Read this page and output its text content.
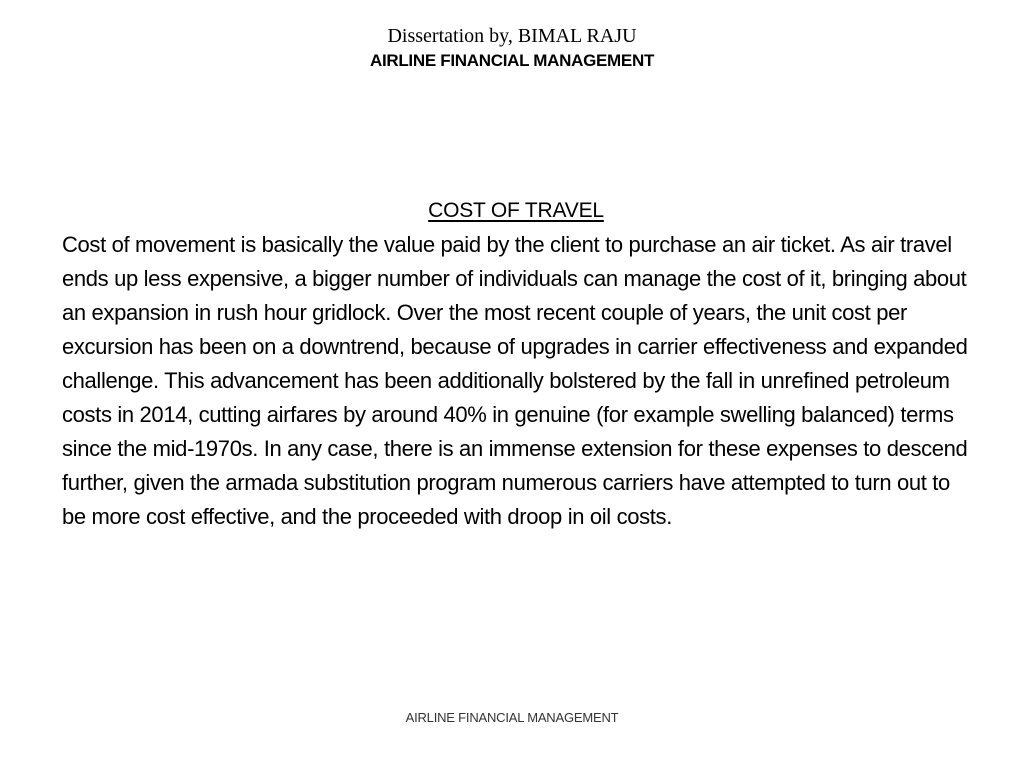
Dissertation by, BIMAL RAJU
AIRLINE FINANCIAL MANAGEMENT
COST OF TRAVEL

Cost of movement is basically the value paid by the client to purchase an air ticket. As air travel ends up less expensive, a bigger number of individuals can manage the cost of it, bringing about an expansion in rush hour gridlock. Over the most recent couple of years, the unit cost per excursion has been on a downtrend, because of upgrades in carrier effectiveness and expanded challenge. This advancement has been additionally bolstered by the fall in unrefined petroleum costs in 2014, cutting airfares by around 40% in genuine (for example swelling balanced) terms since the mid-1970s. In any case, there is an immense extension for these expenses to descend further, given the armada substitution program numerous carriers have attempted to turn out to be more cost effective, and the proceeded with droop in oil costs.

AIRLINE FINANCIAL MANAGEMENT
